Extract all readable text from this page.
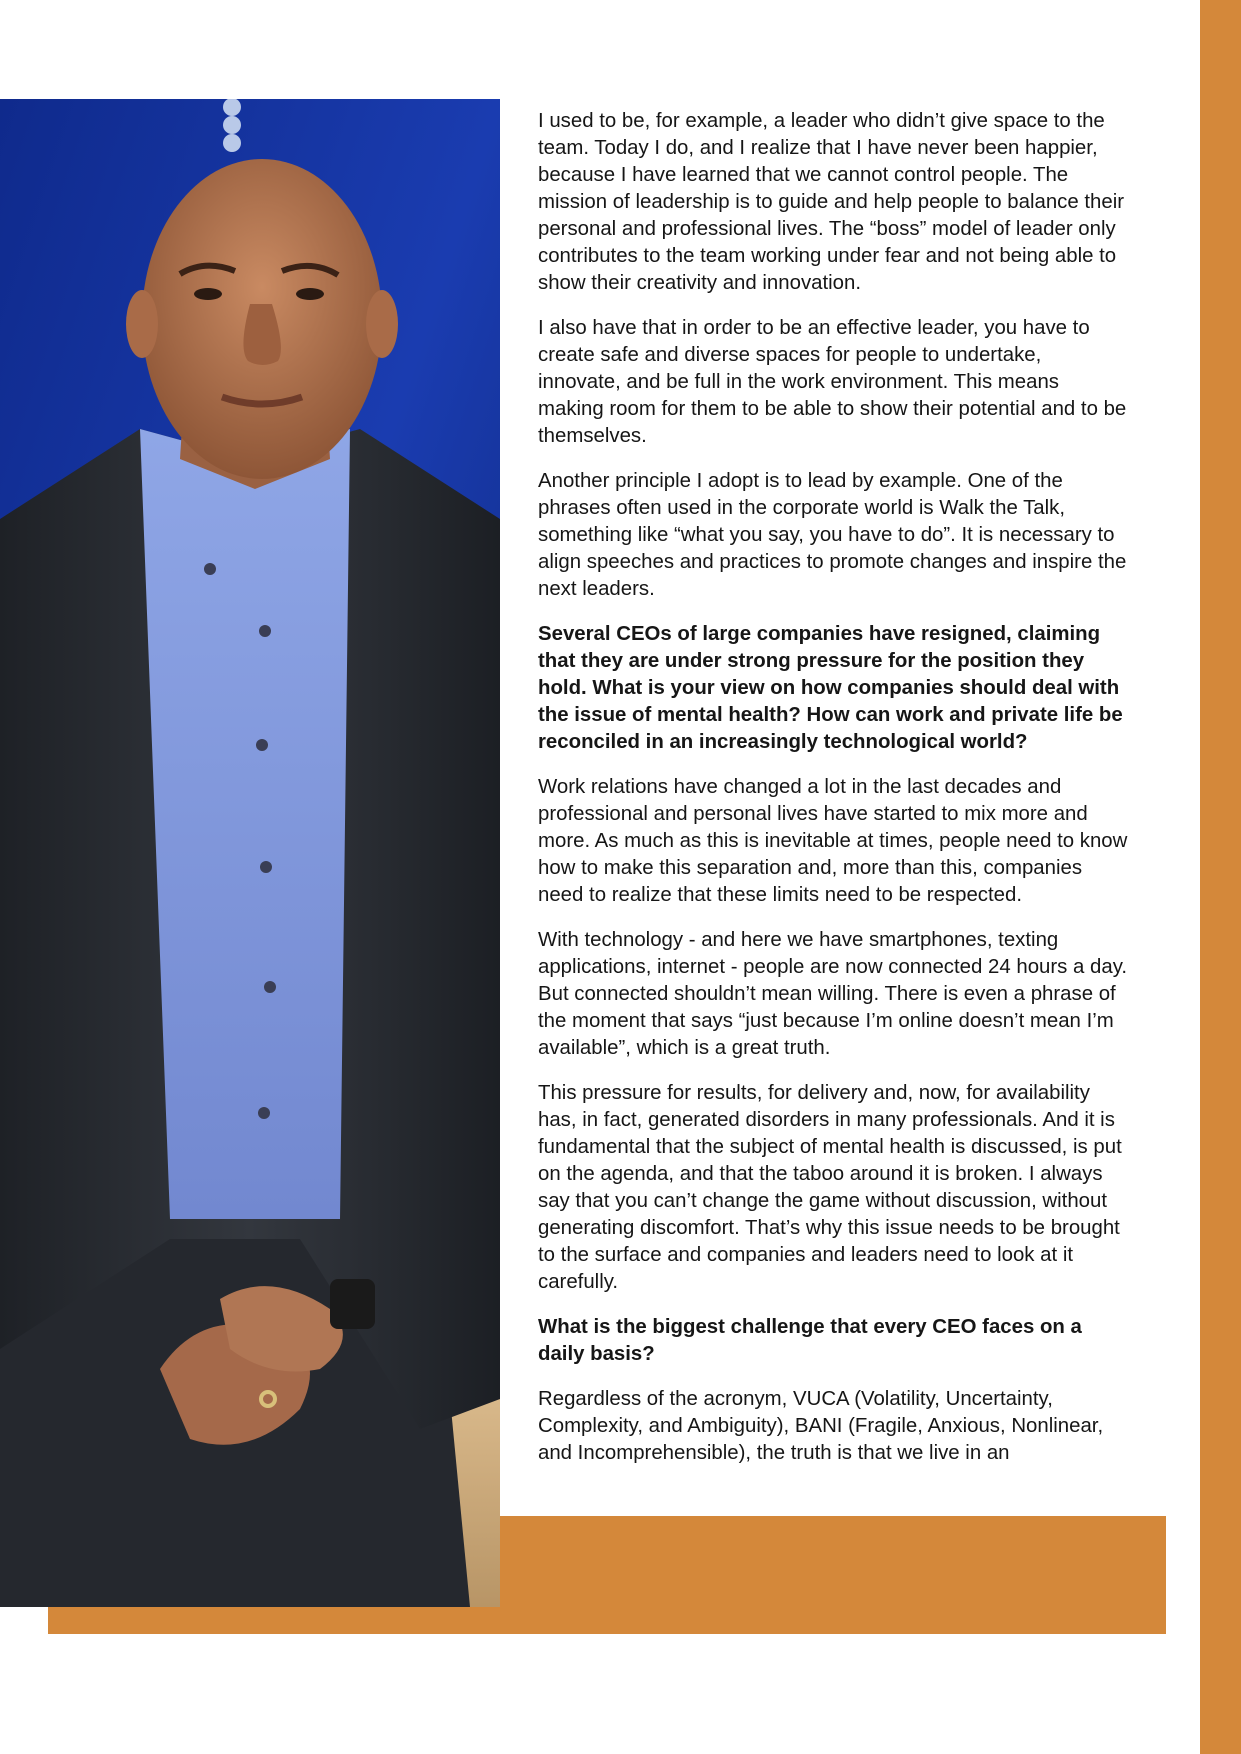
I used to be, for example, a leader who didn’t give space to the team. Today I do, and I realize that I have never been happier, because I have learned that we cannot control people. The mission of leadership is to guide and help people to balance their personal and professional lives. The “boss” model of leader only contributes to the team working under fear and not being able to show their creativity and innovation.

I also have that in order to be an effective leader, you have to create safe and diverse spaces for people to undertake, innovate, and be full in the work environment. This means making room for them to be able to show their potential and to be themselves.

Another principle I adopt is to lead by example. One of the phrases often used in the corporate world is Walk the Talk, something like “what you say, you have to do”. It is necessary to align speeches and practices to promote changes and inspire the next leaders.

Several CEOs of large companies have resigned, claiming that they are under strong pressure for the position they hold. What is your view on how companies should deal with the issue of mental health? How can work and private life be reconciled in an increasingly technological world?

Work relations have changed a lot in the last decades and professional and personal lives have started to mix more and more. As much as this is inevitable at times, people need to know how to make this separation and, more than this, companies need to realize that these limits need to be respected.

With technology - and here we have smartphones, texting applications, internet - people are now connected 24 hours a day. But connected shouldn’t mean willing. There is even a phrase of the moment that says “just because I’m online doesn’t mean I’m available”, which is a great truth.

This pressure for results, for delivery and, now, for availability has, in fact, generated disorders in many professionals. And it is fundamental that the subject of mental health is discussed, is put on the agenda, and that the taboo around it is broken. I always say that you can’t change the game without discussion, without generating discomfort. That’s why this issue needs to be brought to the surface and companies and leaders need to look at it carefully.

What is the biggest challenge that every CEO faces on a daily basis?

Regardless of the acronym, VUCA (Volatility, Uncertainty, Complexity, and Ambiguity), BANI (Fragile, Anxious, Nonlinear, and Incomprehensible), the truth is that we live in an
